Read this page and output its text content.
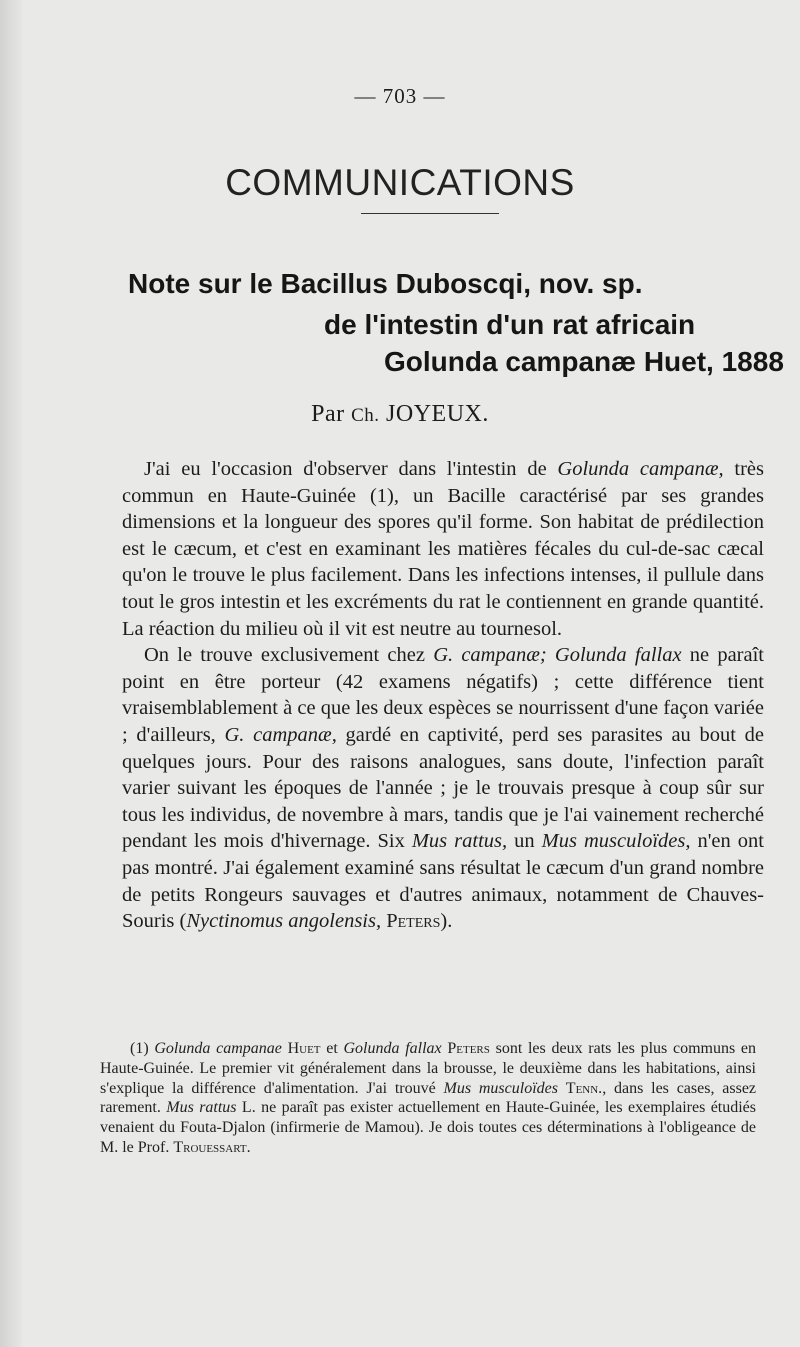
— 703 —
COMMUNICATIONS
Note sur le Bacillus Duboscqi, nov. sp.
de l'intestin d'un rat africain
Golunda campanæ Huet, 1888
Par Ch. JOYEUX.

J'ai eu l'occasion d'observer dans l'intestin de Golunda campanæ, très commun en Haute-Guinée (1), un Bacille caractérisé par ses grandes dimensions et la longueur des spores qu'il forme. Son habitat de prédilection est le cæcum, et c'est en examinant les matières fécales du cul-de-sac cæcal qu'on le trouve le plus facilement. Dans les infections intenses, il pullule dans tout le gros intestin et les excréments du rat le contiennent en grande quantité. La réaction du milieu où il vit est neutre au tournesol.

On le trouve exclusivement chez G. campanæ; Golunda fallax ne paraît point en être porteur (42 examens négatifs) ; cette différence tient vraisemblablement à ce que les deux espèces se nourrissent d'une façon variée ; d'ailleurs, G. campanæ, gardé en captivité, perd ses parasites au bout de quelques jours. Pour des raisons analogues, sans doute, l'infection paraît varier suivant les époques de l'année ; je le trouvais presque à coup sûr sur tous les individus, de novembre à mars, tandis que je l'ai vainement recherché pendant les mois d'hivernage. Six Mus rattus, un Mus musculoïdes, n'en ont pas montré. J'ai également examiné sans résultat le cæcum d'un grand nombre de petits Rongeurs sauvages et d'autres animaux, notamment de Chauves-Souris (Nyctinomus angolensis, Peters).

(1) Golunda campanae Huet et Golunda fallax Peters sont les deux rats les plus communs en Haute-Guinée. Le premier vit généralement dans la brousse, le deuxième dans les habitations, ainsi s'explique la différence d'alimentation. J'ai trouvé Mus musculoïdes Tenn., dans les cases, assez rarement. Mus rattus L. ne paraît pas exister actuellement en Haute-Guinée, les exemplaires étudiés venaient du Fouta-Djalon (infirmerie de Mamou). Je dois toutes ces déterminations à l'obligeance de M. le Prof. Trouessart.
